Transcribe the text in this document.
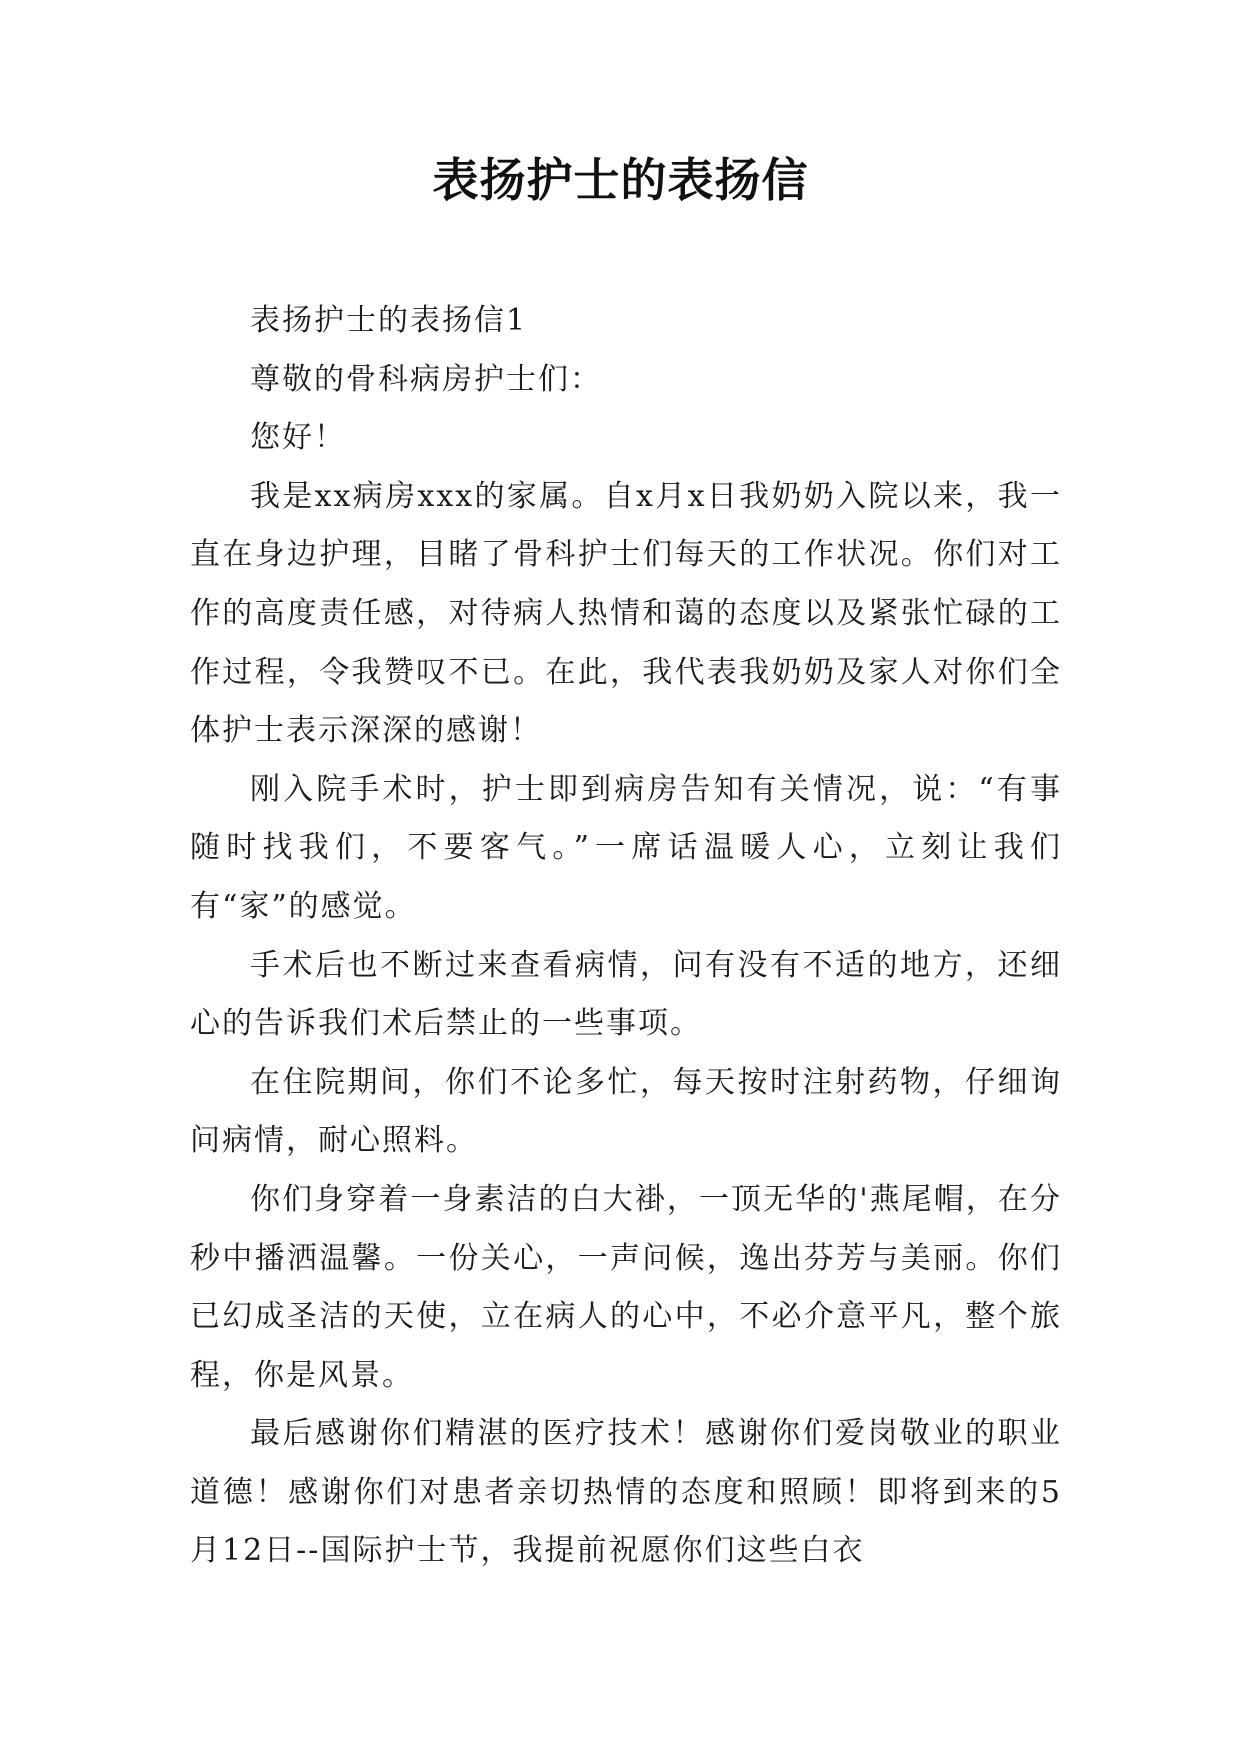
表扬护士的表扬信

表扬护士的表扬信1

尊敬的骨科病房护士们：

您好！

我是xx病房xxx的家属。自x月x日我奶奶入院以来，我一直在身边护理，目睹了骨科护士们每天的工作状况。你们对工作的高度责任感，对待病人热情和蔼的态度以及紧张忙碌的工作过程，令我赞叹不已。在此，我代表我奶奶及家人对你们全体护士表示深深的感谢！

刚入院手术时，护士即到病房告知有关情况，说：“有事随时找我们，不要客气。”一席话温暖人心，立刻让我们有“家”的感觉。

手术后也不断过来查看病情，问有没有不适的地方，还细心的告诉我们术后禁止的一些事项。

在住院期间，你们不论多忙，每天按时注射药物，仔细询问病情，耐心照料。

你们身穿着一身素洁的白大褂，一顶无华的'燕尾帽，在分秒中播洒温馨。一份关心，一声问候，逸出芬芳与美丽。你们已幻成圣洁的天使，立在病人的心中，不必介意平凡，整个旅程，你是风景。

最后感谢你们精湛的医疗技术！感谢你们爱岗敬业的职业道德！感谢你们对患者亲切热情的态度和照顾！即将到来的5月12日--国际护士节，我提前祝愿你们这些白衣
